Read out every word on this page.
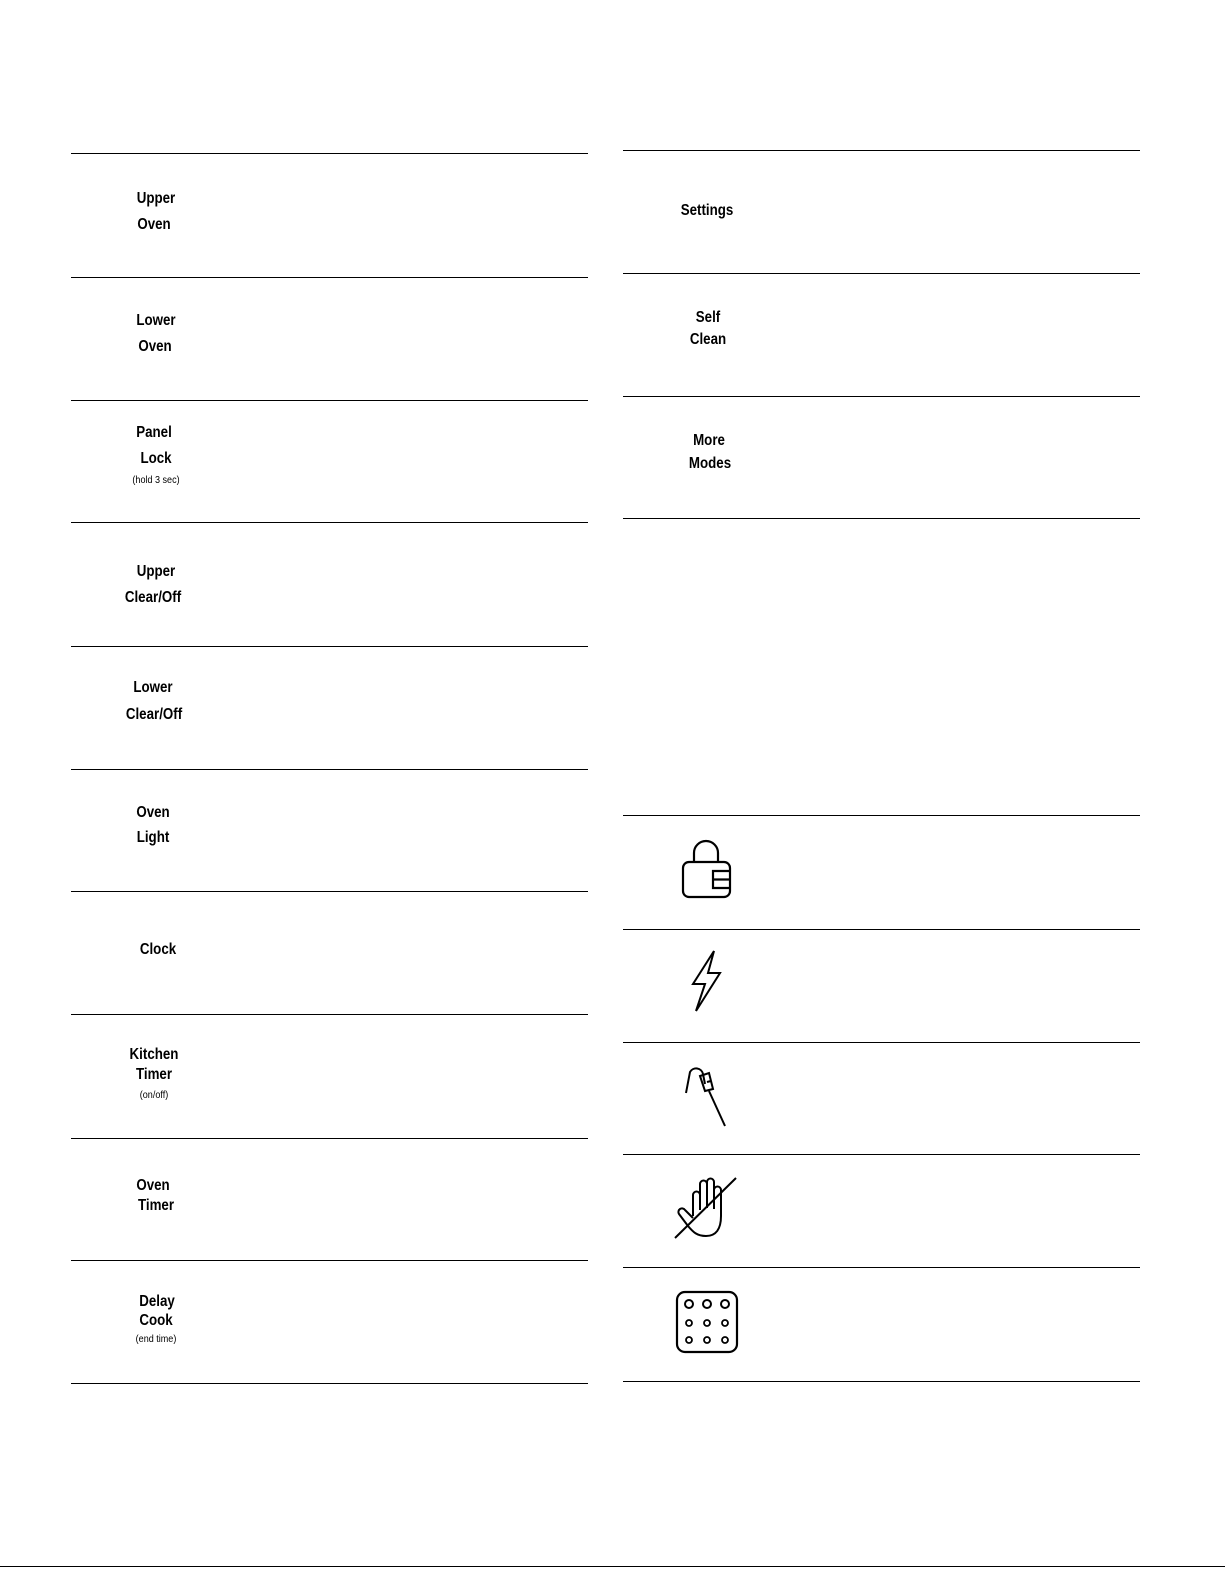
Upper
Oven
Lower
Oven
Panel
Lock
(hold 3 sec)
Upper
Clear/Off
Lower
Clear/Off
Oven
Light
Clock
Kitchen
Timer
(on/off)
Oven
Timer
Delay
Cook
(end time)
Settings
Self
Clean
More
Modes
